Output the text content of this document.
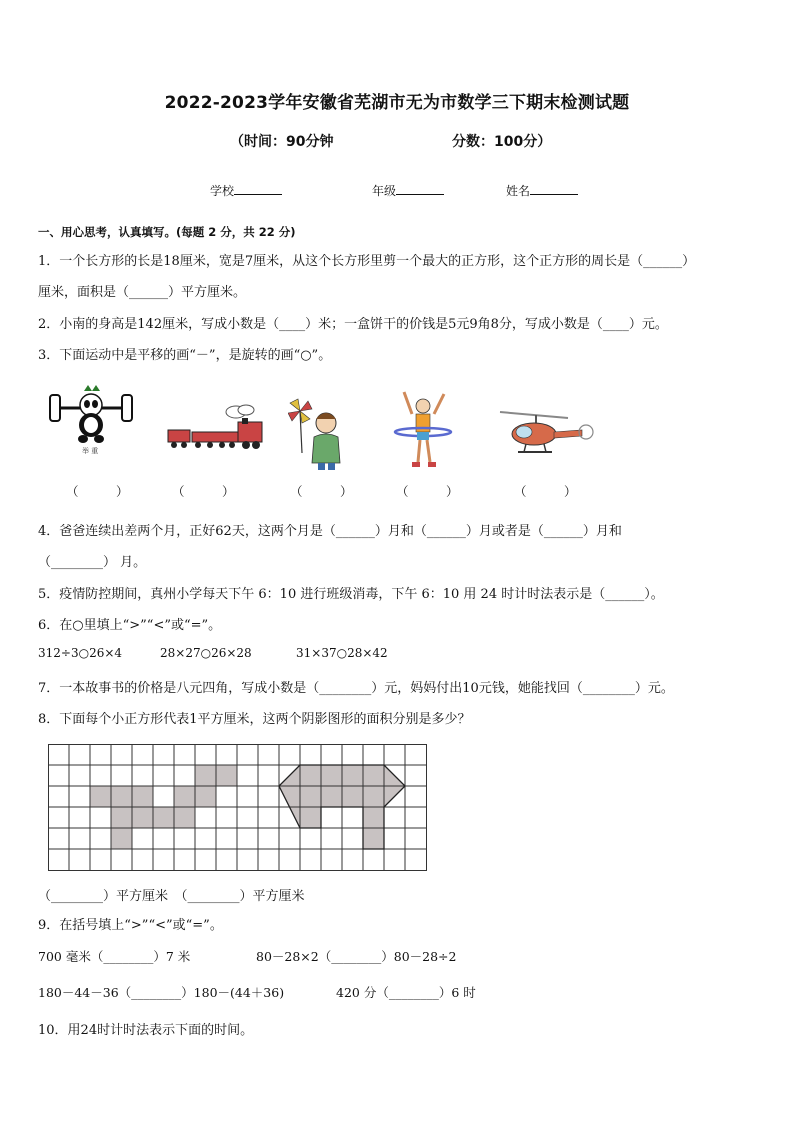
2022-2023学年安徽省芜湖市无为市数学三下期末检测试题
（时间：90分钟	分数：100分）
学校	年级	姓名
一、用心思考，认真填写。(每题 2 分，共 22 分)
1．一个长方形的长是18厘米，宽是7厘米，从这个长方形里剪一个最大的正方形，这个正方形的周长是（______）
厘米，面积是（______）平方厘米。
2．小南的身高是142厘米，写成小数是（____）米；一盒饼干的价钱是5元9角8分，写成小数是（____）元。
3．下面运动中是平移的画“－”，是旋转的画“○”。
举 重
（　　　）	（　　　）	（　　　）	（　　　）	（　　　）
4．爸爸连续出差两个月，正好62天，这两个月是（______）月和（______）月或者是（______）月和
（________） 月。
5．疫情防控期间，真州小学每天下午 6：10 进行班级消毒，下午 6：10 用 24 时计时法表示是（______）。
6．在○里填上“>”“<”或“=”。
312÷3○26×4	28×27○26×28	31×37○28×42
7．一本故事书的价格是八元四角，写成小数是（________）元，妈妈付出10元钱，她能找回（________）元。
8．下面每个小正方形代表1平方厘米，这两个阴影图形的面积分别是多少？
（________）平方厘米　（________）平方厘米
9．在括号填上“>”“<”或“=”。
700 毫米（________）7 米	80－28×2（________）80－28÷2
180－44－36（________）180－(44＋36)	420 分（________）6 时
10．用24时计时法表示下面的时间。
